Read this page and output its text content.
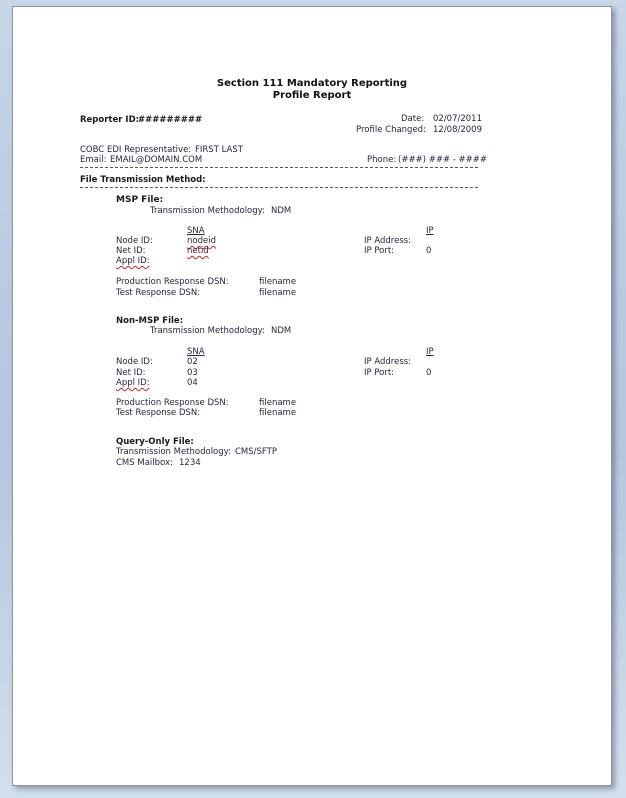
Section 111 Mandatory Reporting
Profile Report
Reporter ID:
#########	Date: 02/07/2011
Profile Changed: 12/08/2009
COBC EDI Representative: FIRST LAST
Email: EMAIL@DOMAIN.COM	Phone: (###) ### - ####
File Transmission Method:
MSP File:
Transmission Methodology: NDM
SNA	IP
Node ID:	nodeid	IP Address:
Net ID:	netid	IP Port:	0
Appl ID:
Production Response DSN:	filename
Test Response DSN:	filename
Non-MSP File:
Transmission Methodology: NDM
SNA	IP
Node ID:	02	IP Address:
Net ID:	03	IP Port:	0
Appl ID:	04
Production Response DSN:	filename
Test Response DSN:	filename
Query-Only File:
Transmission Methodology: CMS/SFTP
CMS Mailbox: 1234
